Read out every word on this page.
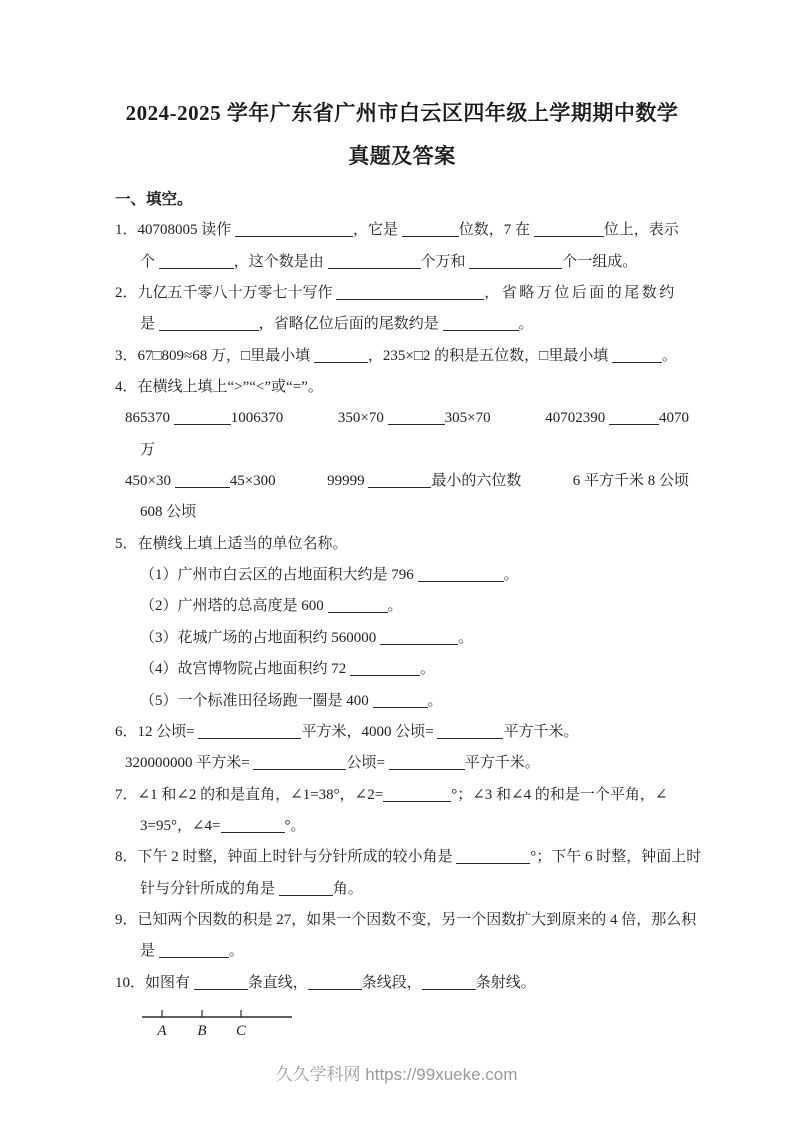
2024-2025 学年广东省广州市白云区四年级上学期期中数学
真题及答案
一、填空。
1．40708005 读作	，它是	位数，7 在	位上，表示
个	，这个数是由	个万和	个一组成。
2．九亿五千零八十万零七十写作	，省略万位后面的尾数约
是	，省略亿位后面的尾数约是	。
3．67□809≈68 万，□里最小填	，235×□2 的积是五位数，□里最小填	。
4．在横线上填上“>”“<”或“=”。
865370	1006370	350×70	305×70	40702390	4070
万
450×30	45×300	99999	最小的六位数	6 平方千米 8 公顷
608 公顷
5．在横线上填上适当的单位名称。
（1）广州市白云区的占地面积大约是 796	。
（2）广州塔的总高度是 600	。
（3）花城广场的占地面积约 560000	。
（4）故宫博物院占地面积约 72	。
（5）一个标准田径场跑一圈是 400	。
6．12 公顷=	平方米，4000 公顷=	平方千米。
320000000 平方米=	公顷=	平方千米。
7．∠1 和∠2 的和是直角，∠1=38°，∠2=	°；∠3 和∠4 的和是一个平角，∠
3=95°，∠4=	°。
8．下午 2 时整，钟面上时针与分针所成的较小角是	°；下午 6 时整，钟面上时
针与分针所成的角是	角。
9．已知两个因数的积是 27，如果一个因数不变，另一个因数扩大到原来的 4 倍，那么积
是	。
10．如图有	条直线，	条线段，	条射线。
A B C
久久学科网 https://99xueke.com
